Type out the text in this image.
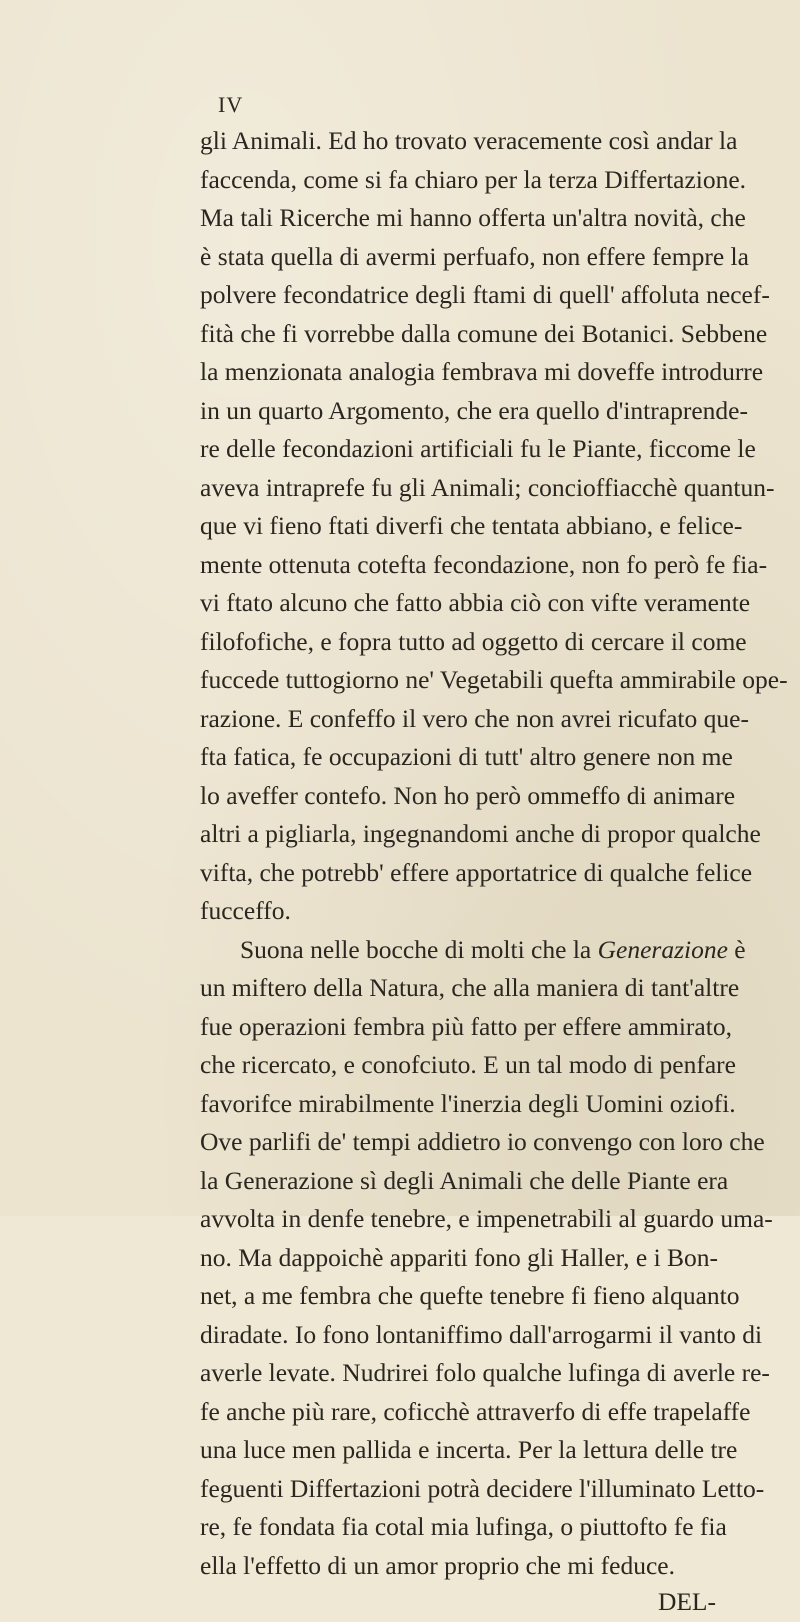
IV
gli Animali. Ed ho trovato veracemente così andar la
faccenda, come si fa chiaro per la terza Differtazione.
Ma tali Ricerche mi hanno offerta un'altra novità, che
è stata quella di avermi perfuafo, non effere fempre la
polvere fecondatrice degli ftami di quell' affoluta necef-
fità che fi vorrebbe dalla comune dei Botanici. Sebbene
la menzionata analogia fembrava mi doveffe introdurre
in un quarto Argomento, che era quello d'intraprende-
re delle fecondazioni artificiali fu le Piante, ficcome le
aveva intraprefe fu gli Animali; concioffiacchè quantun-
que vi fieno ftati diverfi che tentata abbiano, e felice-
mente ottenuta cotefta fecondazione, non fo però fe fia-
vi ftato alcuno che fatto abbia ciò con vifte veramente
filofofiche, e fopra tutto ad oggetto di cercare il come
fuccede tuttogiorno ne' Vegetabili quefta ammirabile ope-
razione. E confeffo il vero che non avrei ricufato que-
fta fatica, fe occupazioni di tutt' altro genere non me
lo aveffer contefo. Non ho però ommeffo di animare
altri a pigliarla, ingegnandomi anche di propor qualche
vifta, che potrebb' effere apportatrice di qualche felice
fucceffo.
Suona nelle bocche di molti che la Generazione è
un miftero della Natura, che alla maniera di tant'altre
fue operazioni fembra più fatto per effere ammirato,
che ricercato, e conofciuto. E un tal modo di penfare
favorifce mirabilmente l'inerzia degli Uomini oziofi.
Ove parlifi de' tempi addietro io convengo con loro che
la Generazione sì degli Animali che delle Piante era
avvolta in denfe tenebre, e impenetrabili al guardo uma-
no. Ma dappoichè appariti fono gli Haller, e i Bon-
net, a me fembra che quefte tenebre fi fieno alquanto
diradate. Io fono lontaniffimo dall'arrogarmi il vanto di
averle levate. Nudrirei folo qualche lufinga di averle re-
fe anche più rare, coficchè attraverfo di effe trapelaffe
una luce men pallida e incerta. Per la lettura delle tre
feguenti Differtazioni potrà decidere l'illuminato Letto-
re, fe fondata fia cotal mia lufinga, o piuttofto fe fia
ella l'effetto di un amor proprio che mi feduce.
DEL-
